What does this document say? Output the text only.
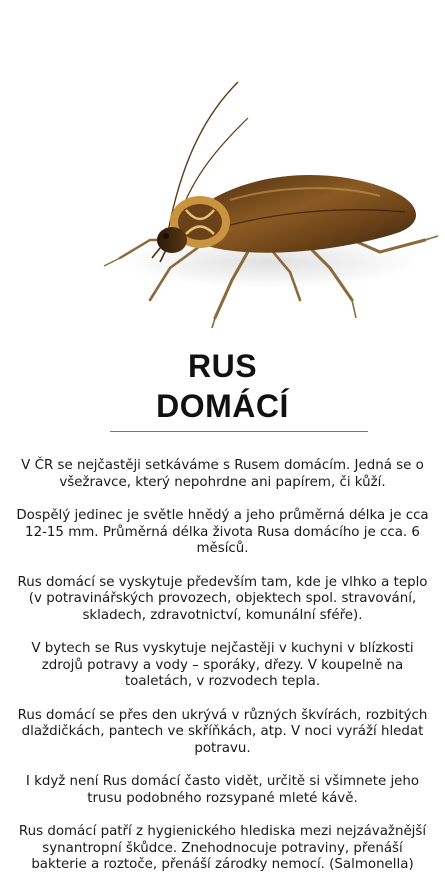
RUS
DOMÁCÍ

V ČR se nejčastěji setkáváme s Rusem domácím. Jedná se o všežravce, který nepohrdne ani papírem, či kůží.

Dospělý jedinec je světle hnědý a jeho průměrná délka je cca 12-15 mm. Průměrná délka života Rusa domácího je cca. 6 měsíců.

Rus domácí se vyskytuje především tam, kde je vlhko a teplo (v potravinářských provozech, objektech spol. stravování, skladech, zdravotnictví, komunální sféře).

V bytech se Rus vyskytuje nejčastěji v kuchyni v blízkosti zdrojů potravy a vody – sporáky, dřezy. V koupelně na toaletách, v rozvodech tepla.

Rus domácí se přes den ukrývá v různých škvírách, rozbitých dlaždičkách, pantech ve skříňkách, atp. V noci vyráží hledat potravu.

I když není Rus domácí často vidět, určitě si všimnete jeho trusu podobného rozsypané mleté kávě.

Rus domácí patří z hygienického hlediska mezi nejzávažnější synantropní škůdce. Znehodnocuje potraviny, přenáší bakterie a roztoče, přenáší zárodky nemocí. (Salmonella)
